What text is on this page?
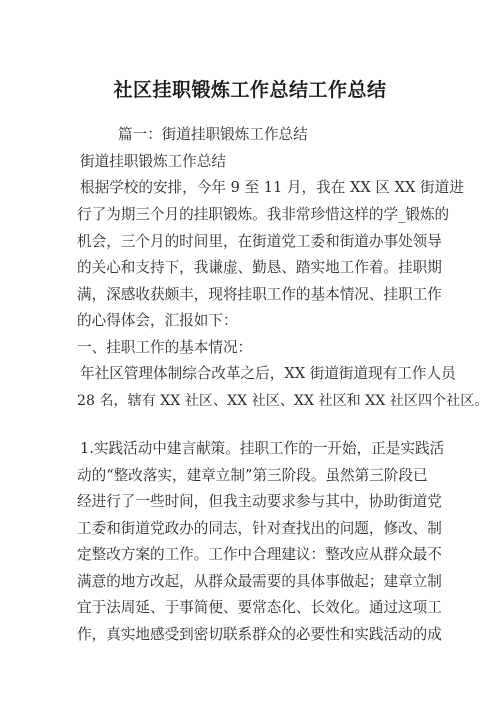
社区挂职锻炼工作总结工作总结
篇一：街道挂职锻炼工作总结
街道挂职锻炼工作总结
根据学校的安排，今年 9 至 11 月，我在 XX 区 XX 街道进
行了为期三个月的挂职锻炼。我非常珍惜这样的学_锻炼的
机会，三个月的时间里，在街道党工委和街道办事处领导
的关心和支持下，我谦虚、勤恳、踏实地工作着。挂职期
满，深感收获颇丰，现将挂职工作的基本情况、挂职工作
的心得体会，汇报如下：
一、挂职工作的基本情况：
年社区管理体制综合改革之后，XX 街道街道现有工作人员
28 名，辖有 XX 社区、XX 社区、XX 社区和 XX 社区四个社区。
1.实践活动中建言献策。挂职工作的一开始，正是实践活
动的“整改落实，建章立制”第三阶段。虽然第三阶段已
经进行了一些时间，但我主动要求参与其中，协助街道党
工委和街道党政办的同志，针对查找出的问题，修改、制
定整改方案的工作。工作中合理建议：整改应从群众最不
满意的地方改起，从群众最需要的具体事做起；建章立制
宜于法周延、于事简便、要常态化、长效化。通过这项工
作，真实地感受到密切联系群众的必要性和实践活动的成
